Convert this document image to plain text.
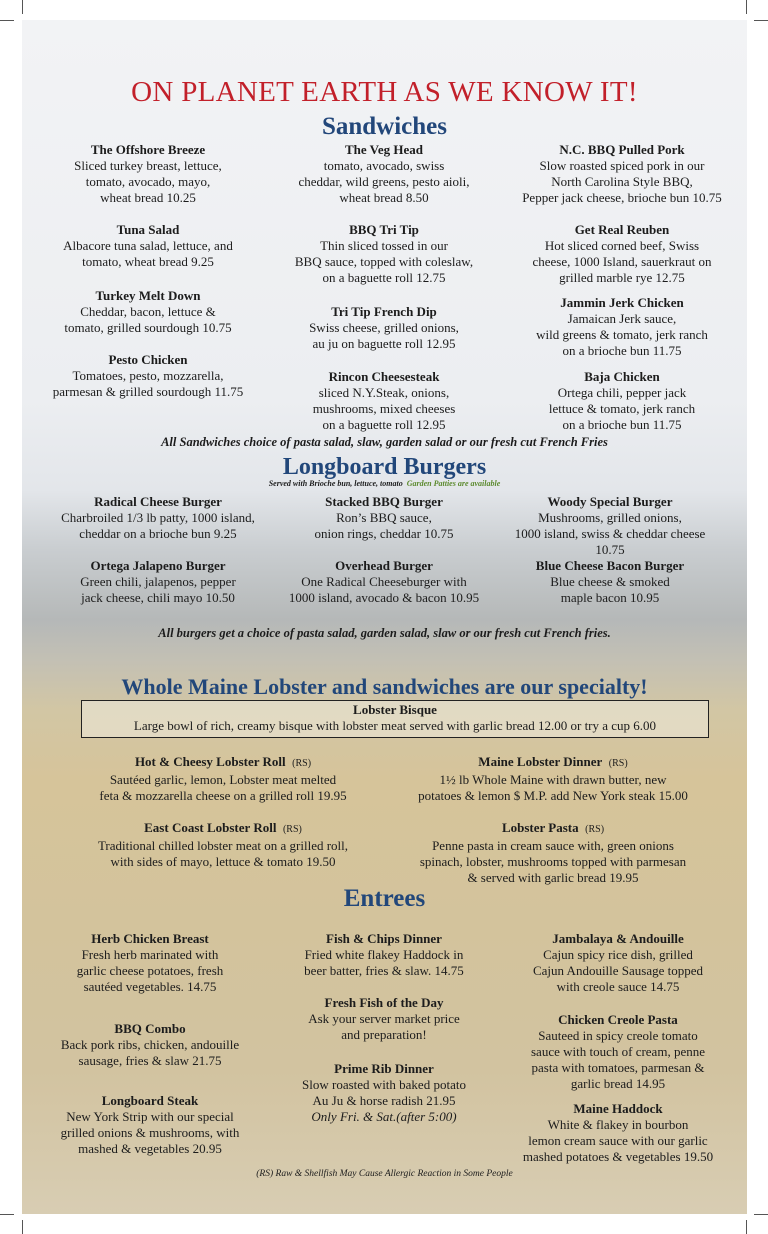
ON PLANET EARTH AS WE KNOW IT!
Sandwiches
The Offshore Breeze
Sliced turkey breast, lettuce,
tomato, avocado, mayo,
wheat bread 10.25
Tuna Salad
Albacore tuna salad, lettuce, and
tomato, wheat bread 9.25
Turkey Melt Down
Cheddar, bacon, lettuce &
tomato, grilled sourdough 10.75
Pesto Chicken
Tomatoes, pesto, mozzarella,
parmesan & grilled sourdough 11.75
The Veg Head
tomato, avocado, swiss
cheddar, wild greens, pesto aioli,
wheat bread 8.50
BBQ Tri Tip
Thin sliced tossed in our
BBQ sauce, topped with coleslaw,
on a baguette roll 12.75
Tri Tip French Dip
Swiss cheese, grilled onions,
au ju on baguette roll 12.95
Rincon Cheesesteak
sliced N.Y.Steak, onions,
mushrooms, mixed cheeses
on a baguette roll 12.95
N.C. BBQ Pulled Pork
Slow roasted spiced pork in our
North Carolina Style BBQ,
Pepper jack cheese, brioche bun 10.75
Get Real Reuben
Hot sliced corned beef, Swiss
cheese, 1000 Island, sauerkraut on
grilled marble rye 12.75
Jammin Jerk Chicken
Jamaican Jerk sauce,
wild greens & tomato, jerk ranch
on a brioche bun 11.75
Baja Chicken
Ortega chili, pepper jack
lettuce & tomato, jerk ranch
on a brioche bun 11.75
All Sandwiches choice of pasta salad, slaw, garden salad or our fresh cut French Fries
Longboard Burgers
Served with Brioche bun, lettuce, tomato Garden Patties are available
Radical Cheese Burger
Charbroiled 1/3 lb patty, 1000 island,
cheddar on a brioche bun 9.25
Ortega Jalapeno Burger
Green chili, jalapenos, pepper
jack cheese, chili mayo 10.50
Stacked BBQ Burger
Ron’s BBQ sauce,
onion rings, cheddar 10.75
Overhead Burger
One Radical Cheeseburger with
1000 island, avocado & bacon 10.95
Woody Special Burger
Mushrooms, grilled onions,
1000 island, swiss & cheddar cheese 10.75
Blue Cheese Bacon Burger
Blue cheese & smoked
maple bacon 10.95
All burgers get a choice of pasta salad, garden salad, slaw or our fresh cut French fries.
Whole Maine Lobster and sandwiches are our specialty!
Lobster Bisque
Large bowl of rich, creamy bisque with lobster meat served with garlic bread 12.00 or try a cup 6.00
Hot & Cheesy Lobster Roll (RS)
Sautéed garlic, lemon, Lobster meat melted
feta & mozzarella cheese on a grilled roll 19.95
East Coast Lobster Roll (RS)
Traditional chilled lobster meat on a grilled roll,
with sides of mayo, lettuce & tomato 19.50
Maine Lobster Dinner (RS)
1½ lb Whole Maine with drawn butter, new
potatoes & lemon $ M.P. add New York steak 15.00
Lobster Pasta (RS)
Penne pasta in cream sauce with, green onions
spinach, lobster, mushrooms topped with parmesan
& served with garlic bread 19.95
Entrees
Herb Chicken Breast
Fresh herb marinated with
garlic cheese potatoes, fresh
sautéed vegetables. 14.75
BBQ Combo
Back pork ribs, chicken, andouille
sausage, fries & slaw 21.75
Longboard Steak
New York Strip with our special
grilled onions & mushrooms, with
mashed & vegetables 20.95
Fish & Chips Dinner
Fried white flakey Haddock in
beer batter, fries & slaw. 14.75
Fresh Fish of the Day
Ask your server market price
and preparation!
Prime Rib Dinner
Slow roasted with baked potato
Au Ju & horse radish 21.95
Only Fri. & Sat.(after 5:00)
Jambalaya & Andouille
Cajun spicy rice dish, grilled
Cajun Andouille Sausage topped
with creole sauce 14.75
Chicken Creole Pasta
Sauteed in spicy creole tomato
sauce with touch of cream, penne
pasta with tomatoes, parmesan &
garlic bread 14.95
Maine Haddock
White & flakey in bourbon
lemon cream sauce with our garlic
mashed potatoes & vegetables 19.50
(RS) Raw & Shellfish May Cause Allergic Reaction in Some People
